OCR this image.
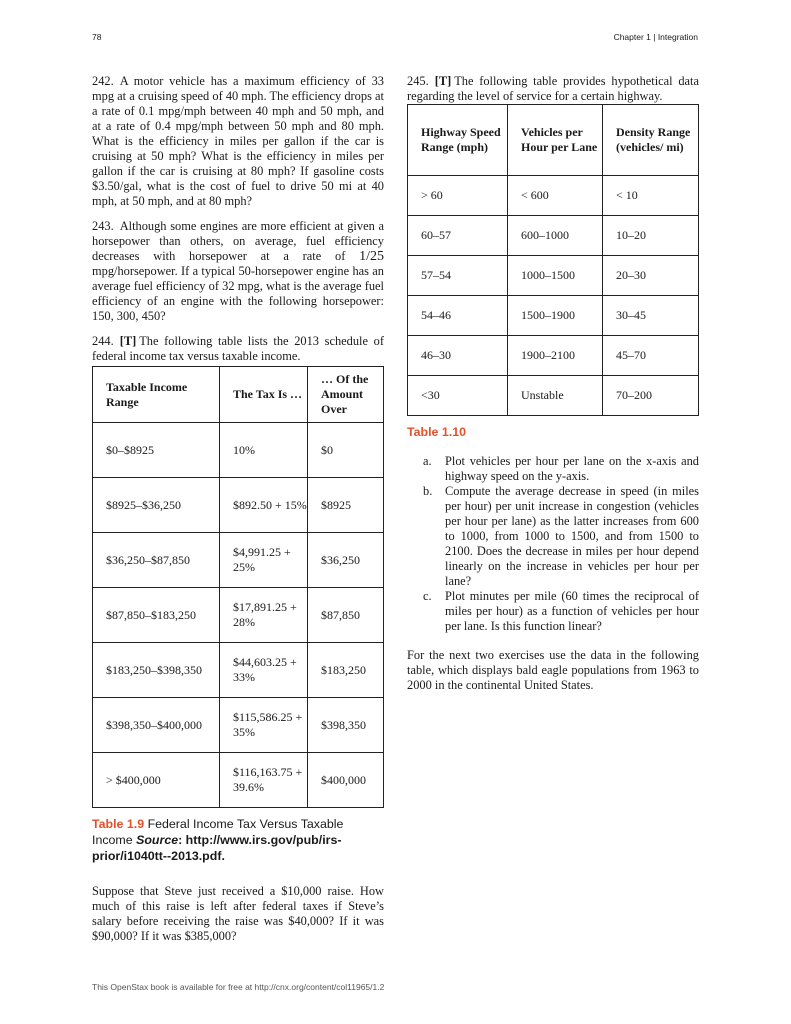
78	Chapter 1 | Integration

242. A motor vehicle has a maximum efficiency of 33 mpg at a cruising speed of 40 mph. The efficiency drops at a rate of 0.1 mpg/mph between 40 mph and 50 mph, and at a rate of 0.4 mpg/mph between 50 mph and 80 mph. What is the efficiency in miles per gallon if the car is cruising at 50 mph? What is the efficiency in miles per gallon if the car is cruising at 80 mph? If gasoline costs $3.50/gal, what is the cost of fuel to drive 50 mi at 40 mph, at 50 mph, and at 80 mph?

243. Although some engines are more efficient at given a horsepower than others, on average, fuel efficiency decreases with horsepower at a rate of 1/25 mpg/horsepower. If a typical 50-horsepower engine has an average fuel efficiency of 32 mpg, what is the average fuel efficiency of an engine with the following horsepower: 150, 300, 450?

244. [T] The following table lists the 2013 schedule of federal income tax versus taxable income.

Taxable Income Range	The Tax Is …	… Of the Amount Over
$0–$8925	10%	$0
$8925–$36,250	$892.50 + 15%	$8925
$36,250–$87,850	$4,991.25 + 25%	$36,250
$87,850–$183,250	$17,891.25 + 28%	$87,850
$183,250–$398,350	$44,603.25 + 33%	$183,250
$398,350–$400,000	$115,586.25 + 35%	$398,350
> $400,000	$116,163.75 + 39.6%	$400,000
Table 1.9 Federal Income Tax Versus Taxable Income Source: http://www.irs.gov/pub/irs-prior/i1040tt--2013.pdf.

Suppose that Steve just received a $10,000 raise. How much of this raise is left after federal taxes if Steve’s salary before receiving the raise was $40,000? If it was $90,000? If it was $385,000?

245. [T] The following table provides hypothetical data regarding the level of service for a certain highway.

Highway Speed Range (mph)	Vehicles per Hour per Lane	Density Range (vehicles/ mi)
> 60	< 600	< 10
60–57	600–1000	10–20
57–54	1000–1500	20–30
54–46	1500–1900	30–45
46–30	1900–2100	45–70
<30	Unstable	70–200
Table 1.10
a. Plot vehicles per hour per lane on the x-axis and highway speed on the y-axis.
b. Compute the average decrease in speed (in miles per hour) per unit increase in congestion (vehicles per hour per lane) as the latter increases from 600 to 1000, from 1000 to 1500, and from 1500 to 2100. Does the decrease in miles per hour depend linearly on the increase in vehicles per hour per lane?
c. Plot minutes per mile (60 times the reciprocal of miles per hour) as a function of vehicles per hour per lane. Is this function linear?

For the next two exercises use the data in the following table, which displays bald eagle populations from 1963 to 2000 in the continental United States.

This OpenStax book is available for free at http://cnx.org/content/col11965/1.2
